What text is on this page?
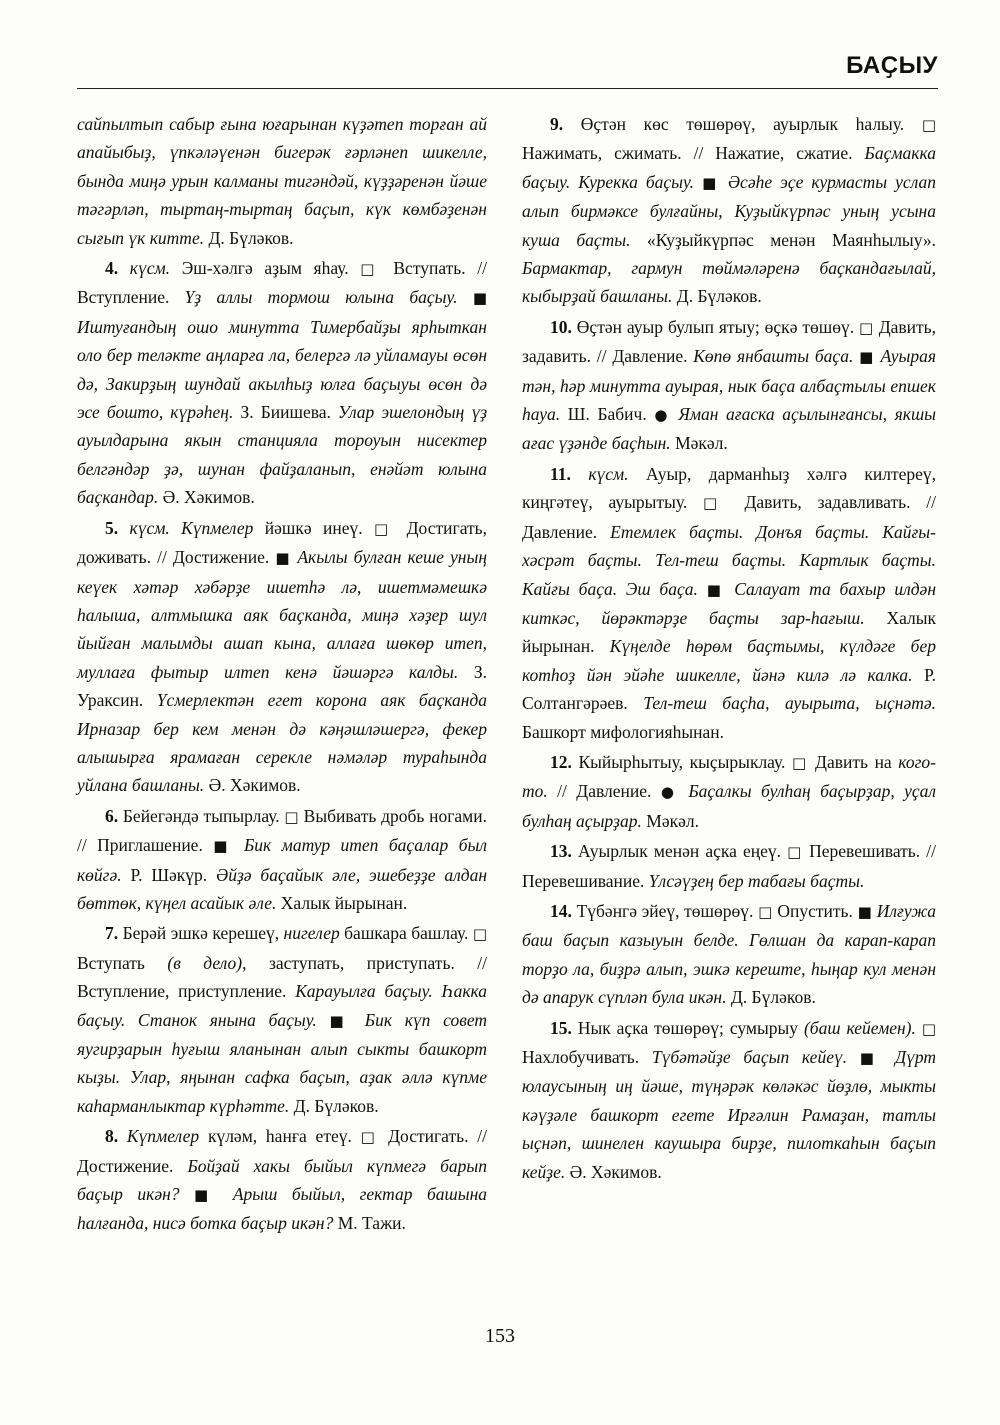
БАҪЫУ

сайпылтып сабыр ғына юғарынан күҙәтеп торған ай апайыбыҙ, үпкәләүенән бигерәк ғәрләнеп шикелле, бында миңә урын калманы тигәндәй, күҙҙәренән йәше тәгәрләп, тыртаң-тыртаң баҫып, күк көмбәҙенән сығып үк китте. Д. Бүләков.

4. күсм. Эш-хәлгә аҙым яһау. □ Вступать. // Вступление. Үҙ аллы тормош юлына баҫыу. ■ Иштуғандың ошо минутта Тимербайҙы ярһыткан оло бер теләкте аңларға ла, белергә лә уйламауы өсөн дә, Закирҙың шундай акылһыҙ юлға баҫыуы өсөн дә эсе бошто, күрәһең. З. Биишева. Улар эшелондың үҙ ауылдарына якын станцияла тороуын нисектер белгәндәр ҙә, шунан файҙаланып, енәйәт юлына баҫкандар. Ә. Хәкимов.

5. күсм. Күпмелер йәшкә инеү. □ Достигать, доживать. // Достижение. ■ Акылы булған кеше уның кеүек хәтәр хәбәрҙе ишетһә лә, ишетмәмешкә һалыша, алтмышка аяк баҫканда, миңә хәҙер шул йыйған малымды ашап кына, аллаға шөкөр итеп, муллаға фытыр илтеп кенә йәшәргә калды. З. Ураксин. Үсмерлектән егет корона аяк баҫканда Ирназар бер кем менән дә кәңәшләшергә, фекер алышырға ярамаған серекле нәмәләр тураһында уйлана башланы. Ә. Хәкимов.

6. Бейегәндә тыпырлау. □ Выбивать дробь ногами. // Приглашение. ■ Бик матур итеп баҫалар был көйгә. Р. Шәкүр. Әйҙә баҫайык әле, эшебеҙҙе алдан бөттөк, күңел асайык әле. Халык йырынан.

7. Берәй эшкә керешеү, нигелер башкара башлау. □ Вступать (в дело), заступать, приступать. // Вступление, приступление. Карауылға баҫыу. Һакка баҫыу. Станок янына баҫыу. ■ Бик күп совет яугирҙарын һуғыш яланынан алып сыкты башкорт кыҙы. Улар, яңынан сафка баҫып, аҙак әллә күпме каһарманлыктар күрһәтте. Д. Бүләков.

8. Күпмелер күләм, һанға етеү. □ Достигать. // Достижение. Бойҙай хакы быйыл күпмегә барып баҫыр икән? ■ Арыш быйыл, гектар башына һалғанда, нисә ботка баҫыр икән? М. Тажи.

9. Өҫтән көс төшөрөү, ауырлык һалыу. □ Нажимать, сжимать. // Нажатие, сжатие. Баҫмакка баҫыу. Курекка баҫыу. ■ Әсәһе эҫе курмасты услап алып бирмәксе булғайны, Куҙыйкүрпәс уның усына куша баҫты. «Куҙыйкүрпәс менән Маянһылыу». Бармактар, гармун төймәләренә баҫкандағылай, кыбырҙай башланы. Д. Бүләков.

10. Өҫтән ауыр булып ятыу; өҫкә төшөү. □ Давить, задавить. // Давление. Көпө янбашты баҫа. ■ Ауырая тән, һәр минутта ауырая, нык баҫа албаҫтылы епшек һауа. Ш. Бабич. ● Яман ағаска аҫылынғансы, якшы ағас үҙәнде баҫһын. Мәкәл.

11. күсм. Ауыр, дарманһыҙ хәлгә килтереү, киңгәтеү, ауырытыу. □ Давить, задавливать. // Давление. Етемлек баҫты. Донъя баҫты. Кайғы-хәсрәт баҫты. Тел-теш баҫты. Картлык баҫты. Кайғы баҫа. Эш баҫа. ■ Салауат та бахыр илдән киткәс, йөрәктәрҙе баҫты зар-һағыш. Халык йырынан. Күңелде һөрөм баҫтымы, күлдәге бер котһоҙ йән эйәһе шикелле, йәнә килә лә калка. Р. Солтангәрәев. Тел-теш баҫһа, ауырыта, ыҫнәтә. Башкорт мифологияһынан.

12. Кыйырһытыу, кыҫырыклау. □ Давить на кого-то. // Давление. ● Баҫалкы булһаң баҫырҙар, уҫал булһаң аҫырҙар. Мәкәл.

13. Ауырлык менән аҫка еңеү. □ Перевешивать. // Перевешивание. Үлсәүҙең бер табағы баҫты.

14. Түбәнгә эйеү, төшөрөү. □ Опустить. ■ Илғужа баш баҫып казыуын белде. Гөлшан да карап-карап торҙо ла, биҙрә алып, эшкә кереште, һыңар кул менән дә апарук сүпләп була икән. Д. Бүләков.

15. Нык аҫка төшөрөү; сумырыу (баш кейемен). □ Нахлобучивать. Түбәтәйҙе баҫып кейеү. ■ Дүрт юлаусының иң йәше, түңәрәк көләкәс йөҙлө, мыкты кәүҙәле башкорт егете Ирғәлин Рамаҙан, татлы ыҫнәп, шинелен каушыра бирҙе, пилоткаһын баҫып кейҙе. Ә. Хәкимов.

153
